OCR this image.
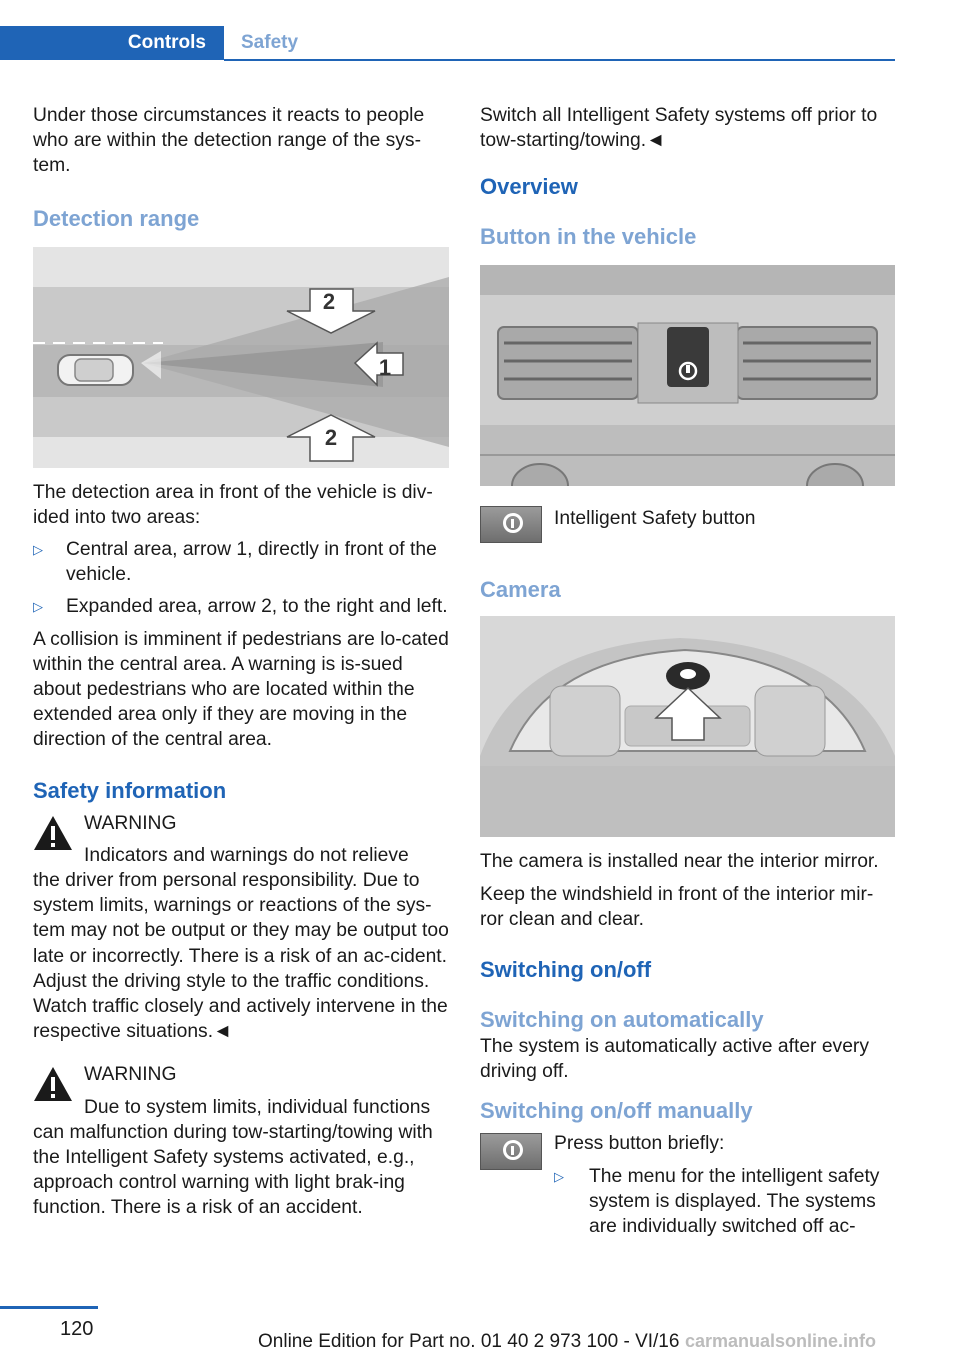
Controls	Safety

Under those circumstances it reacts to people who are within the detection range of the sys‐tem.

Detection range
2
1
2

The detection area in front of the vehicle is div‐ided into two areas:

▷ Central area, arrow 1, directly in front of the vehicle.
▷ Expanded area, arrow 2, to the right and left.

A collision is imminent if pedestrians are lo‐cated within the central area. A warning is is‐sued about pedestrians who are located within the extended area only if they are moving in the direction of the central area.

Safety information
WARNING
Indicators and warnings do not relieve

the driver from personal responsibility. Due to system limits, warnings or reactions of the sys‐tem may not be output or they may be output too late or incorrectly. There is a risk of an ac‐cident. Adjust the driving style to the traffic conditions. Watch traffic closely and actively intervene in the respective situations.◄

WARNING
Due to system limits, individual functions

can malfunction during tow-starting/towing with the Intelligent Safety systems activated, e.g., approach control warning with light brak‐ing function. There is a risk of an accident.

Switch all Intelligent Safety systems off prior to tow-starting/towing.◄

Overview
Button in the vehicle
Intelligent Safety button
Camera

The camera is installed near the interior mirror.

Keep the windshield in front of the interior mir‐ror clean and clear.

Switching on/off
Switching on automatically

The system is automatically active after every driving off.

Switching on/off manually
Press button briefly:
▷ The menu for the intelligent safety system is displayed. The systems are individually switched off ac‐
120
Online Edition for Part no. 01 40 2 973 100 - VI/16 carmanualsonline.info
